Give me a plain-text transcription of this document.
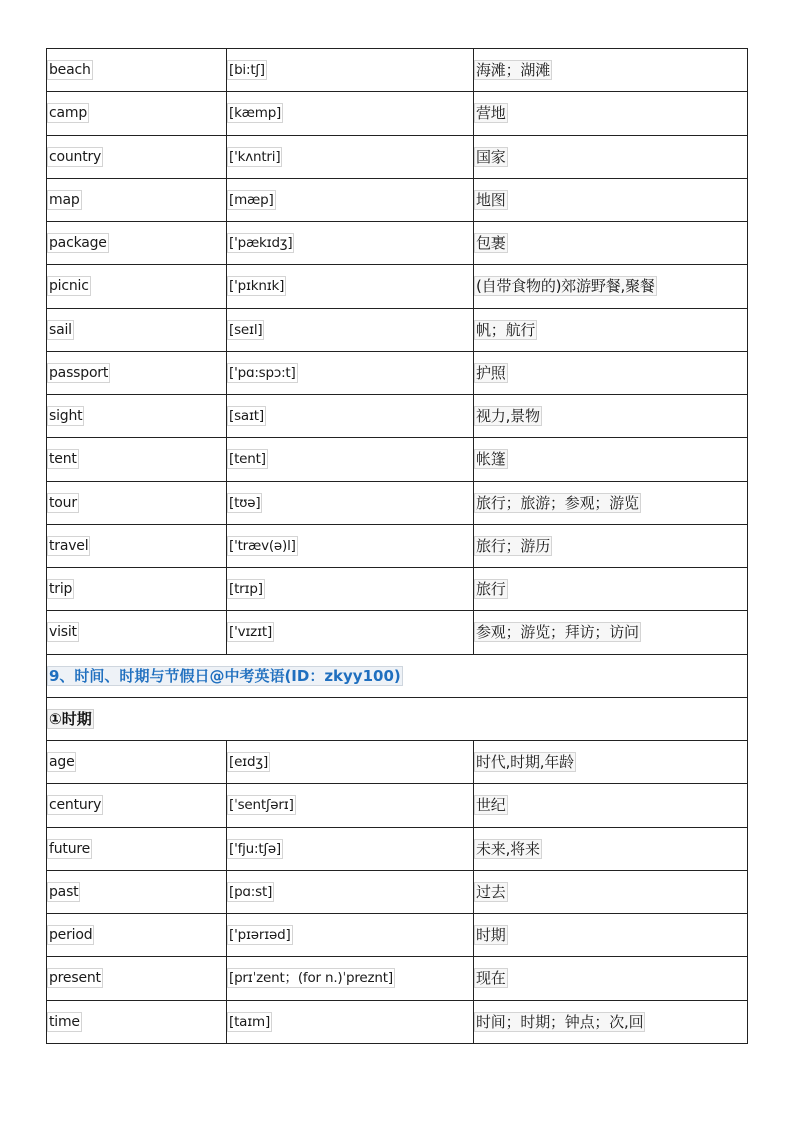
beach	[bi:tʃ]	海滩；湖滩
camp	[kæmp]	营地
country	['kʌntri]	国家
map	[mæp]	地图
package	['pækɪdʒ]	包裹
picnic	['pɪknɪk]	(自带食物的)郊游野餐,聚餐
sail	[seɪl]	帆；航行
passport	['pɑ:spɔ:t]	护照
sight	[saɪt]	视力,景物
tent	[tent]	帐篷
tour	[tʊə]	旅行；旅游；参观；游览
travel	['træv(ə)l]	旅行；游历
trip	[trɪp]	旅行
visit	['vɪzɪt]	参观；游览；拜访；访问
9、时间、时期与节假日@中考英语(ID：zkyy100)		
①时期		
age	[eɪdʒ]	时代,时期,年龄
century	[ˈsentʃərɪ]	世纪
future	['fju:tʃə]	未来,将来
past	[pɑ:st]	过去
period	['pɪərɪəd]	时期
present	[prɪˈzent；(for n.)ˈpreznt]	现在
time	[taɪm]	时间；时期；钟点；次,回
